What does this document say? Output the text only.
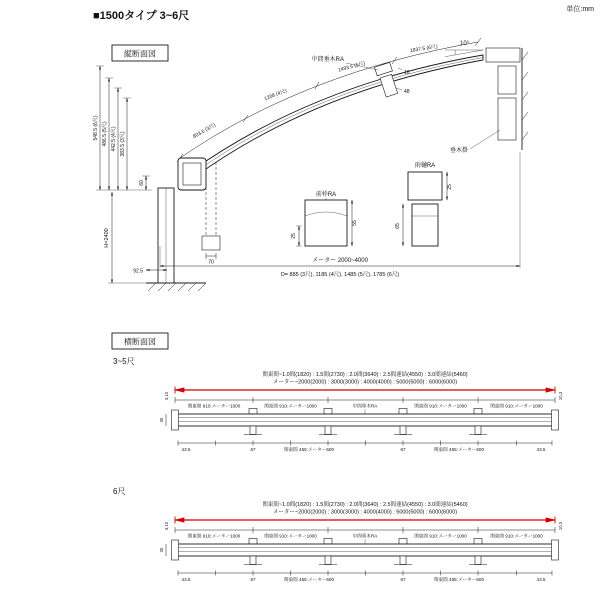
■1500タイプ 3~6尺
単位:mm
縦断面図
10°
803.6 (3尺)
1208 (4尺)
1493.5 (5尺)
1837.5 (6尺)
548.5 (6尺) 486.5 (5尺) 442.5 (4尺) 383.5 (3尺)
60
H=2400
92.5
70	メーター 2000~4000
D= 885 (3尺), 1185 (4尺), 1485 (5尺), 1785 (6尺)
16
48
中間垂木RA
前枠RA
25
55
雨樋RA
65
25
垂木掛
横断面図
3~5尺
関東間~1.0間(1820) : 1.5間(2730) : 2.0間(3640) : 2.5間連結(4550) : 3.0間連結(5460)
メーター~2000(2000) : 3000(3000) : 4000(4000) : 5000(5000) : 6000(6000)
3,10	10,3
関東間 910:メーター1000	関東間 910:メーター1000	中間垂木RA	関東間 910:メーター1000	関東間 910:メーター1000
35
43.5	67	関東間 455:メーター500	67	関東間 455:メーター500	43.5
6尺
関東間~1.0間(1820) : 1.5間(2730) : 2.0間(3640) : 2.5間連結(4550) : 3.0間連結(5460)
メーター~2000(2000) : 3000(3000) : 4000(4000) : 5000(5000) : 6000(6000)
3,10	10,3
関東間 910:メーター1000	関東間 910:メーター1000	中間垂木RA	関東間 910:メーター1000	関東間 910:メーター1000
35
43.5	67	関東間 455:メーター500	67	関東間 455:メーター500	43.5
